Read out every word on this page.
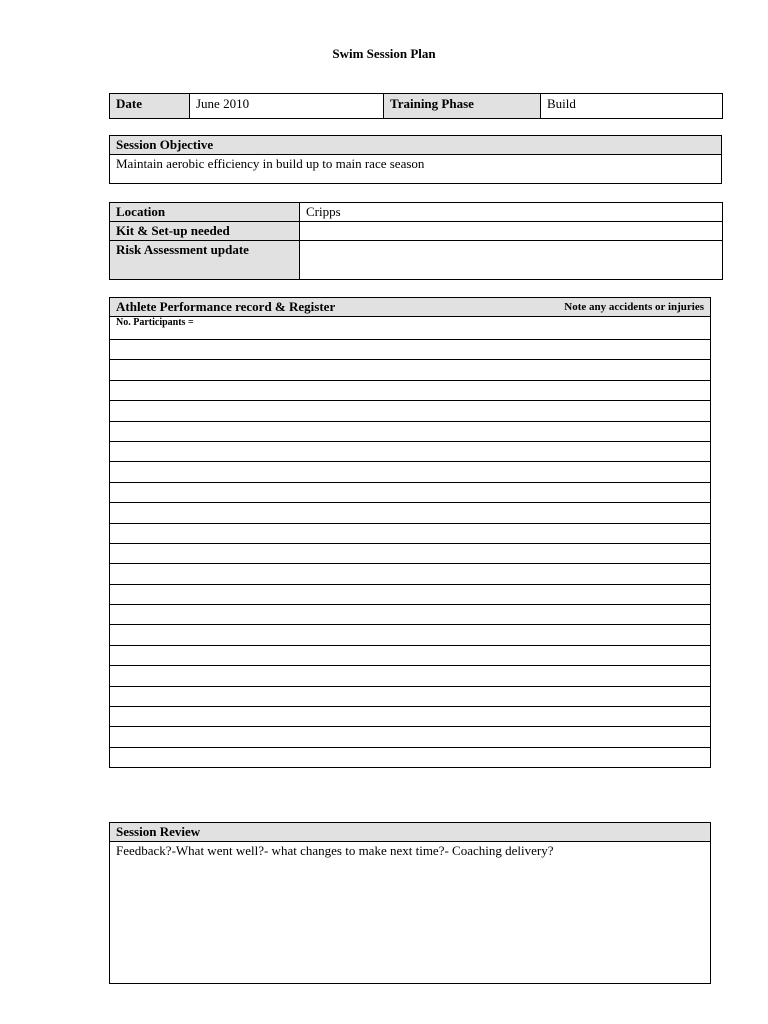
Swim Session Plan
Date	June 2010	Training Phase	Build
Session Objective
Maintain aerobic efficiency in build up to main race season
Location	Cripps
Kit & Set-up needed	
Risk Assessment update	
Athlete Performance record & Register	Note any accidents or injuries

No. Participants =

Session Review
Feedback?-What went well?- what changes to make next time?- Coaching delivery?
